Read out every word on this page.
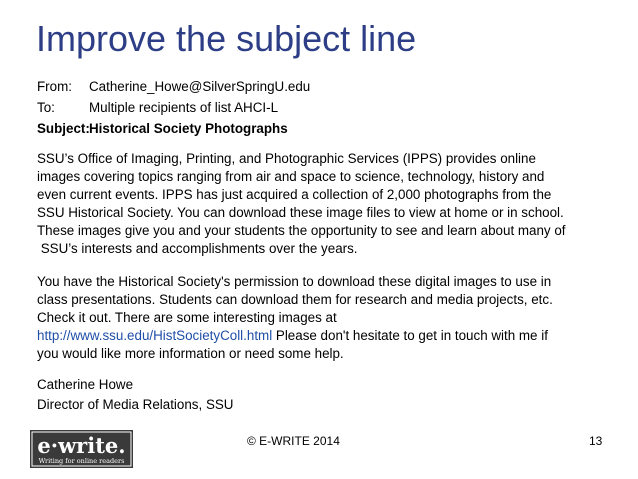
Improve the subject line
From:	Catherine_Howe@SilverSpringU.edu
To:	Multiple recipients of list AHCI-L
Subject: Historical Society Photographs
SSU’s Office of Imaging, Printing, and Photographic Services (IPPS) provides online
images covering topics ranging from air and space to science, technology, history and
even current events. IPPS has just acquired a collection of 2,000 photographs from the
SSU Historical Society. You can download these image files to view at home or in school.
These images give you and your students the opportunity to see and learn about many of
SSU’s interests and accomplishments over the years.
You have the Historical Society's permission to download these digital images to use in
class presentations. Students can download them for research and media projects, etc.
Check it out. There are some interesting images at
http://www.ssu.edu/HistSocietyColl.html Please don't hesitate to get in touch with me if
you would like more information or need some help.
Catherine Howe
Director of Media Relations, SSU
e·write.
Writing for online readers
© E-WRITE 2014	13
